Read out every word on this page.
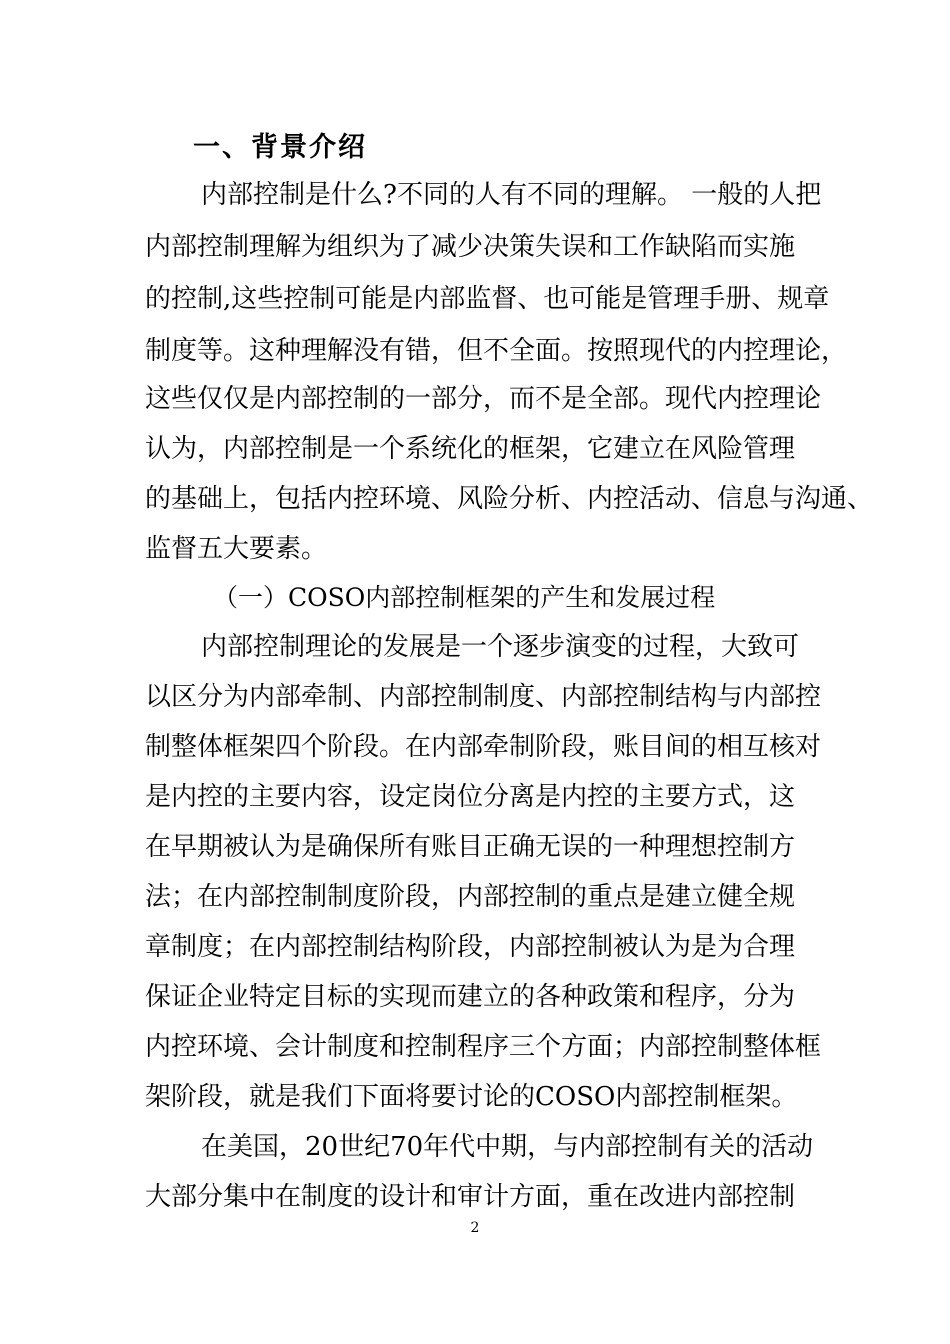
一、背景介绍

内部控制是什么?不同的人有不同的理解。 一般的人把

内部控制理解为组织为了减少决策失误和工作缺陷而实施

的控制,这些控制可能是内部监督、也可能是管理手册、规章

制度等。这种理解没有错，但不全面。按照现代的内控理论，

这些仅仅是内部控制的一部分，而不是全部。现代内控理论

认为，内部控制是一个系统化的框架，它建立在风险管理

的基础上，包括内控环境、风险分析、内控活动、信息与沟通、

监督五大要素。

（一）COSO内部控制框架的产生和发展过程

内部控制理论的发展是一个逐步演变的过程，大致可

以区分为内部牵制、内部控制制度、内部控制结构与内部控

制整体框架四个阶段。在内部牵制阶段，账目间的相互核对

是内控的主要内容，设定岗位分离是内控的主要方式，这

在早期被认为是确保所有账目正确无误的一种理想控制方

法；在内部控制制度阶段，内部控制的重点是建立健全规

章制度；在内部控制结构阶段，内部控制被认为是为合理

保证企业特定目标的实现而建立的各种政策和程序，分为

内控环境、会计制度和控制程序三个方面；内部控制整体框

架阶段，就是我们下面将要讨论的COSO内部控制框架。

在美国，20世纪70年代中期，与内部控制有关的活动

大部分集中在制度的设计和审计方面，重在改进内部控制

2
